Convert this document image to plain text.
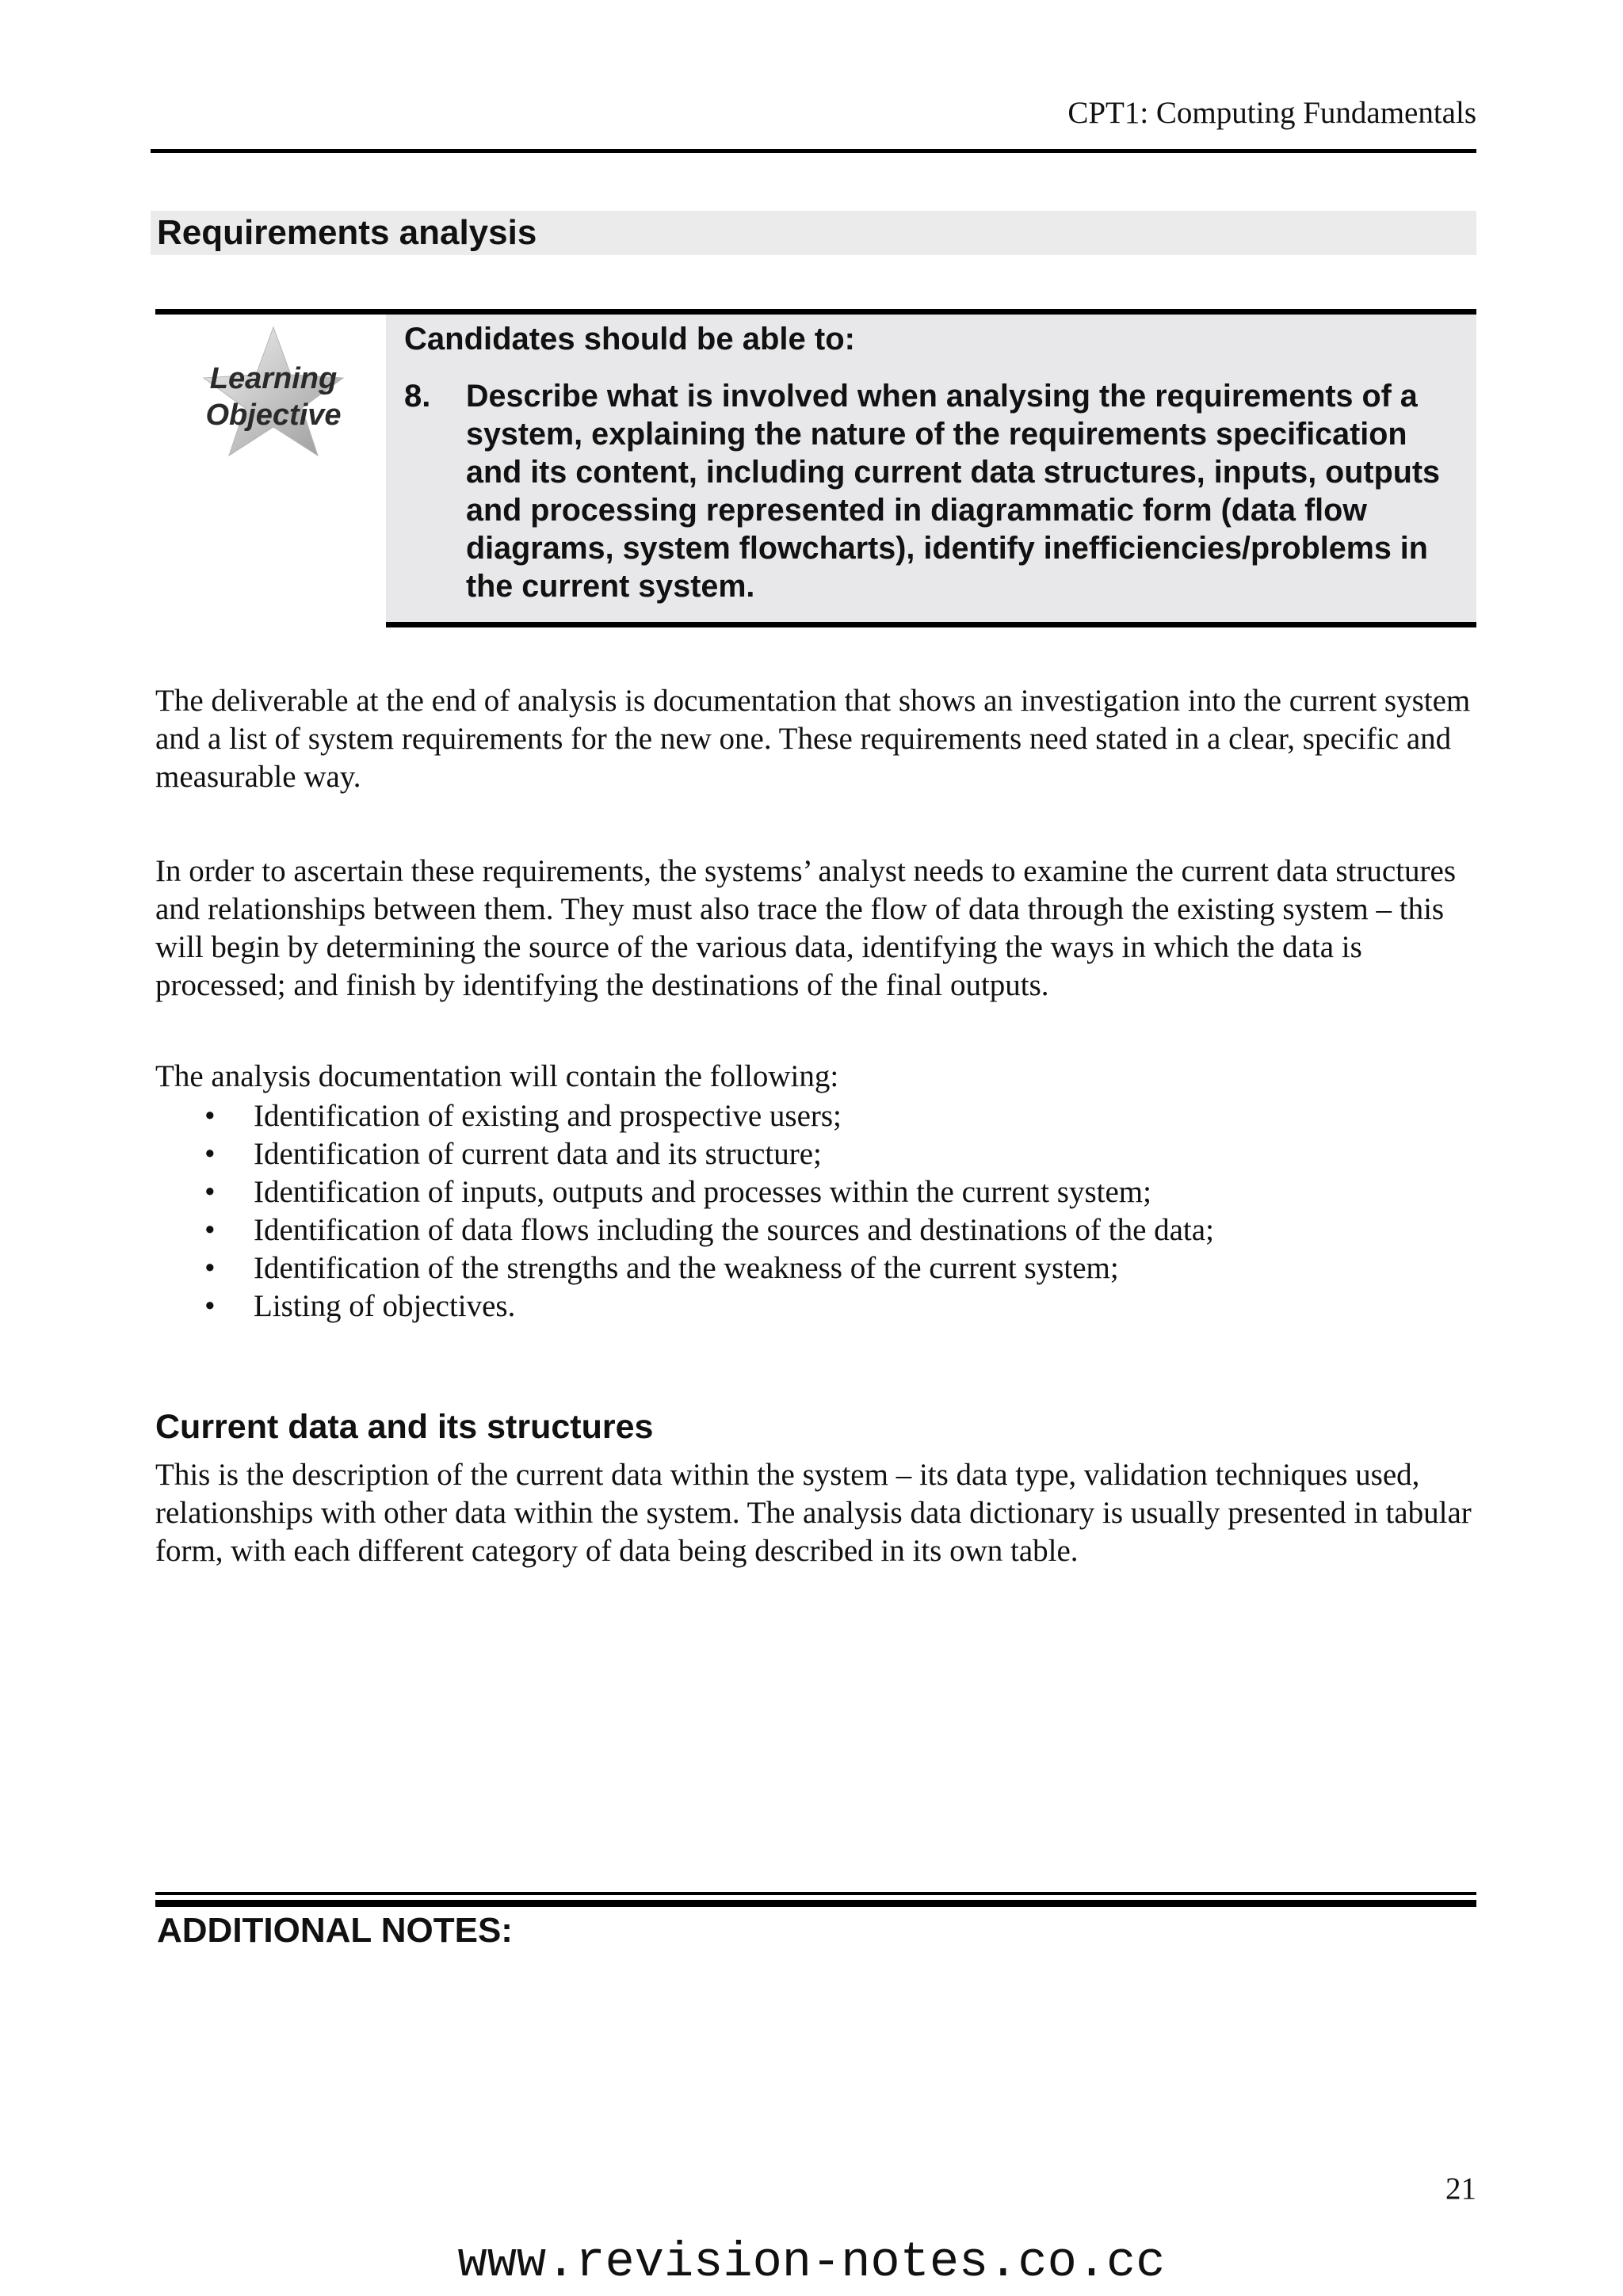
CPT1: Computing Fundamentals
Requirements analysis
Learning
Objective
Candidates should be able to:
8. Describe what is involved when analysing the requirements of a system, explaining the nature of the requirements specification and its content, including current data structures, inputs, outputs and processing represented in diagrammatic form (data flow diagrams, system flowcharts), identify inefficiencies/problems in the current system.
The deliverable at the end of analysis is documentation that shows an investigation into the current system and a list of system requirements for the new one. These requirements need stated in a clear, specific and measurable way.
In order to ascertain these requirements, the systems’ analyst needs to examine the current data structures and relationships between them. They must also trace the flow of data through the existing system – this will begin by determining the source of the various data, identifying the ways in which the data is processed; and finish by identifying the destinations of the final outputs.
The analysis documentation will contain the following:
• Identification of existing and prospective users;
• Identification of current data and its structure;
• Identification of inputs, outputs and processes within the current system;
• Identification of data flows including the sources and destinations of the data;
• Identification of the strengths and the weakness of the current system;
• Listing of objectives.
Current data and its structures
This is the description of the current data within the system – its data type, validation techniques used, relationships with other data within the system. The analysis data dictionary is usually presented in tabular form, with each different category of data being described in its own table.
ADDITIONAL NOTES:
21
www.revision-notes.co.cc
